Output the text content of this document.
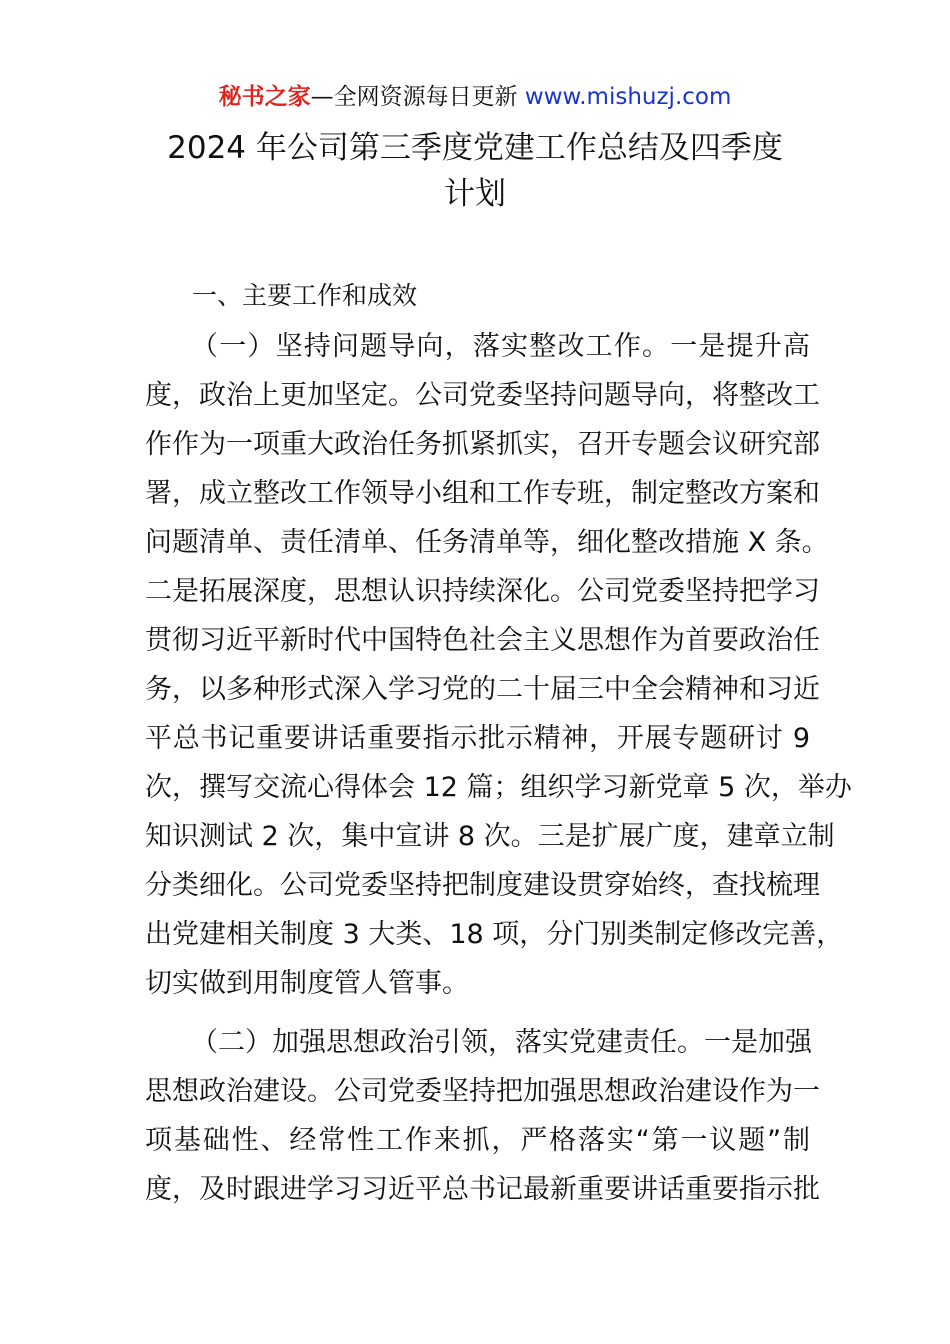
秘书之家—全网资源每日更新 www.mishuzj.com
2024 年公司第三季度党建工作总结及四季度
计划
一、主要工作和成效
（一）坚持问题导向，落实整改工作。一是提升高
度，政治上更加坚定。公司党委坚持问题导向，将整改工
作作为一项重大政治任务抓紧抓实，召开专题会议研究部
署，成立整改工作领导小组和工作专班，制定整改方案和
问题清单、责任清单、任务清单等，细化整改措施 X 条。
二是拓展深度，思想认识持续深化。公司党委坚持把学习
贯彻习近平新时代中国特色社会主义思想作为首要政治任
务，以多种形式深入学习党的二十届三中全会精神和习近
平总书记重要讲话重要指示批示精神，开展专题研讨 9
次，撰写交流心得体会 12 篇；组织学习新党章 5 次，举办
知识测试 2 次，集中宣讲 8 次。三是扩展广度，建章立制
分类细化。公司党委坚持把制度建设贯穿始终，查找梳理
出党建相关制度 3 大类、18 项，分门别类制定修改完善，
切实做到用制度管人管事。
（二）加强思想政治引领，落实党建责任。一是加强
思想政治建设。公司党委坚持把加强思想政治建设作为一
项基础性、经常性工作来抓，严格落实“第一议题”制
度，及时跟进学习习近平总书记最新重要讲话重要指示批
